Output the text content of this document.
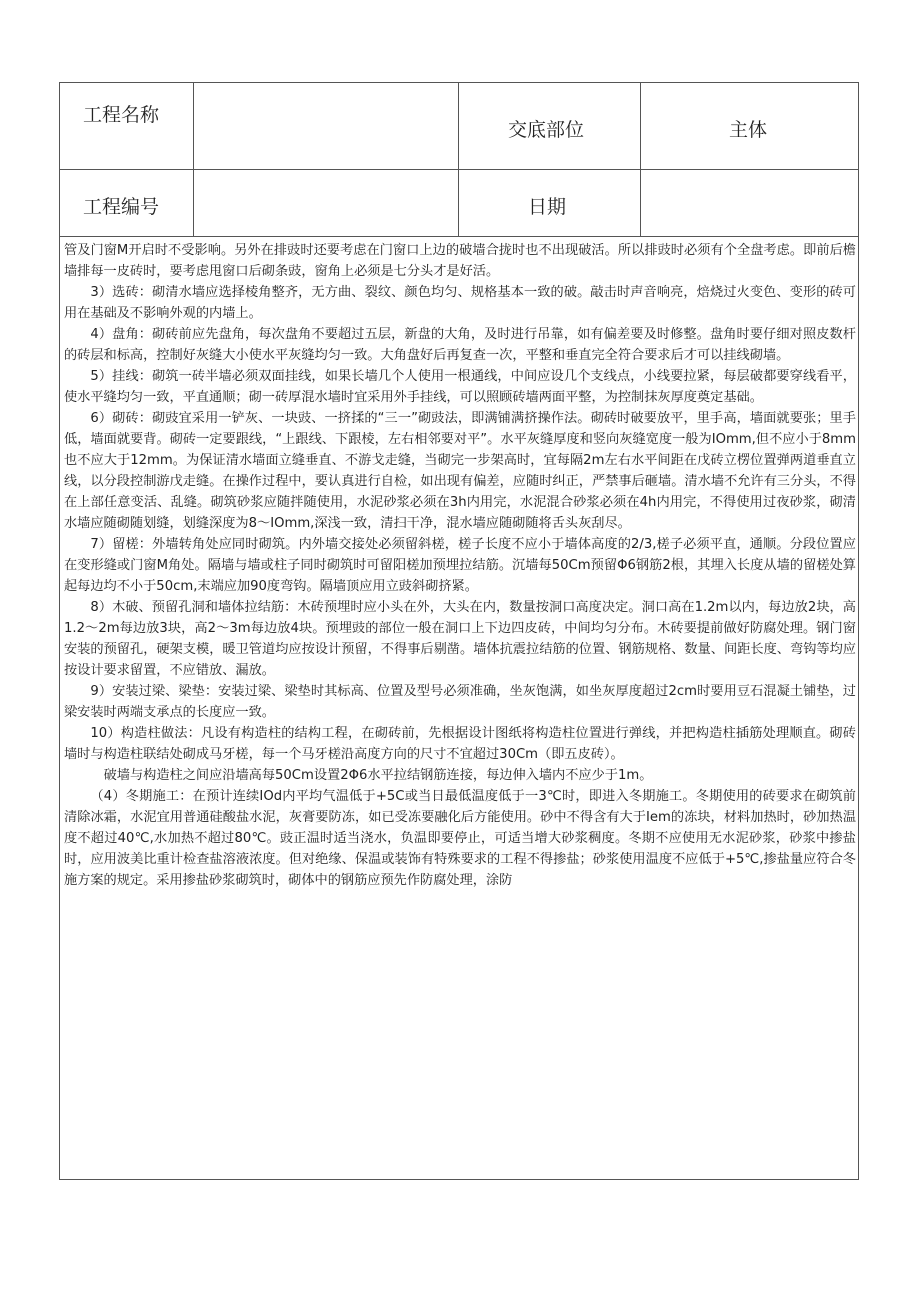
工程名称
交底部位	主体
工程编号	日期

管及门窗M开启时不受影响。另外在排豉时还要考虑在门窗口上边的破墙合拢时也不出现破活。所以排豉时必须有个全盘考虑。即前后檐墙排每一皮砖时，要考虑甩窗口后砌条豉，窗角上必须是七分头才是好活。

3）选砖：砌清水墙应选择棱角整齐，无方曲、裂纹、颜色均匀、规格基本一致的破。敲击时声音响亮，焙烧过火变色、变形的砖可用在基础及不影响外观的内墙上。

4）盘角：砌砖前应先盘角，每次盘角不要超过五层，新盘的大角，及时进行吊靠，如有偏差要及时修整。盘角时要仔细对照皮数杆的砖层和标高，控制好灰缝大小使水平灰缝均匀一致。大角盘好后再复查一次，平整和垂直完全符合要求后才可以挂线砌墙。

5）挂线：砌筑一砖半墙必须双面挂线，如果长墙几个人使用一根通线，中间应设几个支线点，小线要拉紧，每层破都要穿线看平，使水平缝均匀一致，平直通顺；砌一砖厚混水墙时宜采用外手挂线，可以照顾砖墙两面平整，为控制抹灰厚度奠定基础。

6）砌砖：砌豉宜采用一铲灰、一块豉、一挤揉的“三一”砌豉法，即满铺满挤操作法。砌砖时破要放平，里手高，墙面就要张；里手低，墙面就要背。砌砖一定要跟线，“上跟线、下跟棱，左右相邻要对平”。水平灰缝厚度和竖向灰缝宽度一般为IOmm,但不应小于8mm也不应大于12mm。为保证清水墙面立缝垂直、不游戈走缝，当砌完一步架高时，宜每隔2m左右水平间距在戊砖立楞位置弹两道垂直立线，以分段控制游戊走缝。在操作过程中，要认真进行自检，如出现有偏差，应随时纠正，严禁事后砸墙。清水墙不允许有三分头，不得在上部任意变活、乱缝。砌筑砂浆应随拌随使用，水泥砂浆必须在3h内用完，水泥混合砂浆必须在4h内用完，不得使用过夜砂浆，砌清水墙应随砌随划缝，划缝深度为8～IOmm,深浅一致，清扫干净，混水墙应随砌随将舌头灰刮尽。

7）留槎：外墙转角处应同时砌筑。内外墙交接处必须留斜槎，槎子长度不应小于墙体高度的2/3,槎子必须平直，通顺。分段位置应在变形缝或门窗M角处。隔墙与墙或柱子同时砌筑时可留阳槎加预埋拉结筋。沉墙每50Cm预留Φ6钢筋2根，其埋入长度从墙的留槎处算起每边均不小于50cm,末端应加90度弯钩。隔墙顶应用立豉斜砌挤紧。

8）木破、预留孔洞和墙体拉结筋：木砖预埋时应小头在外，大头在内，数量按洞口高度决定。洞口高在1.2m以内，每边放2块，高1.2～2m每边放3块，高2～3m每边放4块。预埋豉的部位一般在洞口上下边四皮砖，中间均匀分布。木砖要提前做好防腐处理。钢门窗安装的预留孔，硬架支模，暖卫管道均应按设计预留，不得事后剔凿。墙体抗震拉结筋的位置、钢筋规格、数量、间距长度、弯钩等均应按设计要求留置，不应错放、漏放。

9）安装过梁、梁垫：安装过梁、梁垫时其标高、位置及型号必须准确，坐灰饱满，如坐灰厚度超过2cm时要用豆石混凝土铺垫，过梁安装时两端支承点的长度应一致。

10）构造柱做法：凡设有构造柱的结构工程，在砌砖前，先根据设计图纸将构造柱位置进行弹线，并把构造柱插筋处理顺直。砌砖墙时与构造柱联结处砌成马牙槎，每一个马牙槎沿高度方向的尺寸不宜超过30Cm（即五皮砖）。

破墙与构造柱之间应沿墙高每50Cm设置2Φ6水平拉结钢筋连接，每边伸入墙内不应少于1m。

（4）冬期施工：在预计连续IOd内平均气温低于+5C或当日最低温度低于一3℃时，即进入冬期施工。冬期使用的砖要求在砌筑前清除冰霜，水泥宜用普通硅酸盐水泥，灰膏要防冻，如已受冻要融化后方能使用。砂中不得含有大于Iem的冻块，材料加热时，砂加热温度不超过40℃,水加热不超过80℃。豉正温时适当浇水，负温即要停止，可适当增大砂浆稠度。冬期不应使用无水泥砂浆，砂浆中掺盐时，应用波美比重计检查盐溶液浓度。但对绝缘、保温或装饰有特殊要求的工程不得掺盐；砂浆使用温度不应低于+5℃,掺盐量应符合冬施方案的规定。采用掺盐砂浆砌筑时，砌体中的钢筋应预先作防腐处理，涂防
